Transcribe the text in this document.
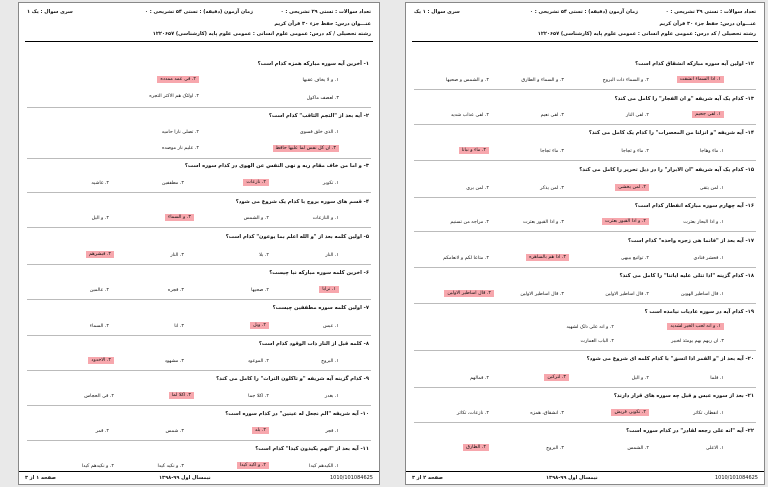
تعداد سوالات : تستی ۲۹ تشریحی : ۰
زمان آزمون (دقیقه) : تستی ۵۴ تشریحی : ۰
سری سوال : یک ۱
عنـــوان درس: حفظ جزء ۳۰ قرآن کریم
رشته تحصیلی / کد درس: عمومی علوم انسانی : عمومی علوم پایه (کارشناسی) ۱۲۲۰۶۵۷
۱- آخرین آیه سوره مبارکه همزه کدام است؟
۱. و لا یخاف عقبها
۲. فی عمد ممدده
۳. لعصف ماکول
۴. اولئک هم الاکثر التجره
۲- آیه بعد از "التجم الثاقب" کدام است؟
۱. الذی خلق فسوی
۲. تصلی نارا حامیه
۳. ان کل نفس لما علیها حافظ
۴. علیم نار موصده
۳- و اما من خاف مقام ربه و نهی النفس عن الهوی در کدام سوره است؟
۱. تکویر
۲. نازعات
۳. مطففین
۴. غاشیه
۴- قسم های سوره بروج با کدام یک شروع می شود؟
۱. و النازعات
۲. و الشمس
۳. و السماء
۴. و الیل
۵- اولین کلمه بعد از "و الله اعلم بما یوعون" کدام است؟
۱. النار
۲. بلا
۳. النار
۴. فبشرهم
۶- اخرین کلمه سوره مبارکه نبا چیست؟
۱. ترابا
۲. صحیها
۳. فجره
۴. عالمین
۷- اولین کلمه سوره مطففین چیست؟
۱. عبس
۲. ویل
۳. انا
۴. السماء
۸- کلمه قبل از النار ذات الوقود کدام است؟
۱. البروج
۲. الموعود
۳. مشهود
۴. الاخدود
۹- کدام گزینه آیه شریفه "و تاکلون التراث" را کامل می کند؟
۱. بغدر
۲. اکلا جما
۳. اکلا لما
۴. فی الحجاس
۱۰- آیه شریفه "الم نجعل له عینین" در کدام سوره است؟
۱. فجر
۲. بلد
۳. شمس
۴. قمر
۱۱- آیه بعد از "انهم یکیدون کیدا" کدام است؟
۱. الکیدهم کیدا
۲. و اکید کیدا
۳. و نکید کیدا
۴. و نکیدهم کیدا
صفحه ۱ از ۳	نیمسال اول ۹۹-۱۳۹۸	1010/101084625
تعداد سوالات : تستی ۲۹ تشریحی : ۰
زمان آزمون (دقیقه) : تستی ۵۴ تشریحی : ۰
سری سوال : ۱ یک
عنـــوان درس: حفظ جزء ۳۰ قرآن کریم
رشته تحصیلی / کد درس: عمومی علوم انسانی : عمومی علوم پایه (کارشناسی) ۱۲۲۰۶۵۷
۱۲- اولین آیه سوره مبارکه انشقاق کدام است؟
۱. اذا السماء انشقت
۲. و السماء ذات البروج
۳. و السماء و الطارق
۴. و الشمس و صحیها
۱۳- کدام یک آیه شریفه "و ان الفجار" را کامل می کند؟
۱. لفی جحیم
۲. لفی النار
۳. لفی نعیم
۴. لفی عذاب شدید
۱۴- آیه شریفه "و انزلنا من المعصرات" را کدام یک کامل می کند؟
۱. ماء وهاجا
۲. ماء و ثجاجا
۳. ماء ثجاجا
۴. ماء و نباتا
۱۵- کدام یک آیه شریفه "ان الابرار" را در ذیل تحریر را کامل می کند؟
۱. لمن یتقی
۲. لمن یخشی
۳. لمن یذکر
۴. لمن یری
۱۶- آیه چهارم سوره مبارکه انفطار کدام است؟
۱. و اذا البحار بعثرت
۲. و اذا القبور بعثرت
۳. و اذا القبور بعثرت
۴. مراجه من تسنیم
۱۷- آیه بعد از "فانما هی زجره واحده" کدام است؟
۱. فحشر فنادی
۲. تواتبع ببیهی
۳. اذا هم بالساهره
۴. متاعا لکم و لانعامکم
۱۸- کدام گزینه "اذا تتلی علیه ایاتنا" را کامل می کند؟
۱. قال اساطیر الهوین
۲. قال اساطیر الاولین
۳. قال اساطیر الاولین
۴. قال اساطیر الاولین
۱۹- کدام آیه در سوره عادیات نیامده است ؟
۱. و انه لحب الخیر لشدید
۲. و انه علی ذلک لشهید
۳. ان ربهم بهم یومئذ لخبیر
۴. الباب العمارت
۲۰- آیه بعد از "و القمر اذا اتسق" با کدام کلمه ای شروع می شود؟
۱. فلما
۲. و الیل
۳. لترکبن
۴. فمالهم
۲۱- بعد از سوره عبس و قبل چه سوره های قرار دارند؟
۱. انفطار، تکاثر
۲. تکویر، فریش
۳. انشقاق، همزه
۴. نازعات، تکاثر
۲۲- آیه "انه علی رجعه لقادر" در کدام سوره است؟
۱. الاعلی
۲. الشمس
۳. البروج
۴. الطارق
صفحه ۲ از ۳	نیمسال اول ۹۹-۱۳۹۸	1010/101084625
